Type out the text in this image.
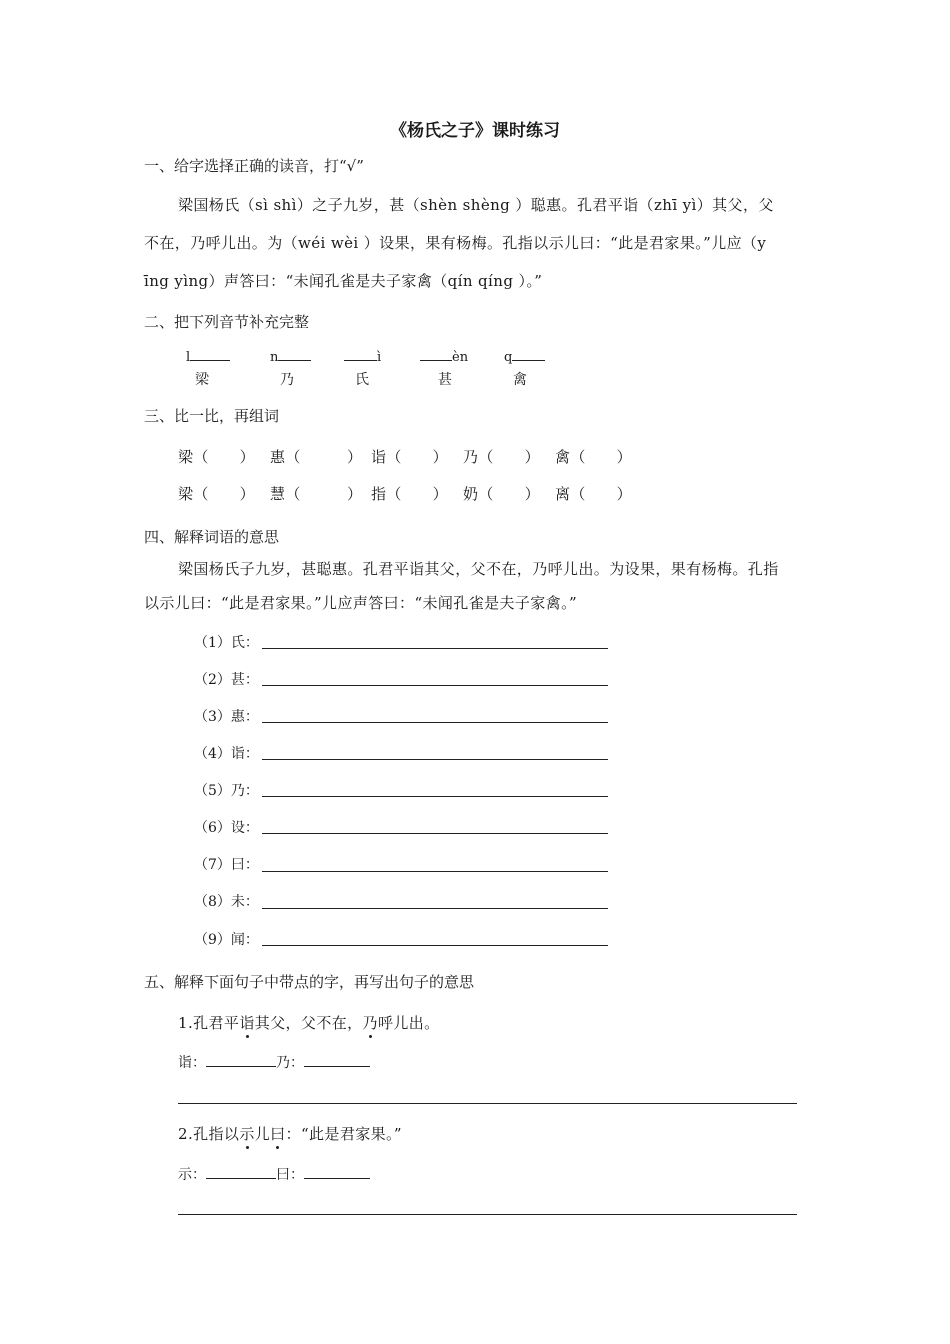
《杨氏之子》课时练习
一、给字选择正确的读音，打“√”
梁国杨氏（sì shì）之子九岁，甚（shèn shèng ）聪惠。孔君平诣（zhī yì）其父，父
不在，乃呼儿出。为（wéi wèi ）设果，果有杨梅。孔指以示儿曰：“此是君家果。”儿应（y
īng yìng）声答曰：“未闻孔雀是夫子家禽（qín qíng ）。”
二、把下列音节补充完整
l
梁
n
乃
ì
氏
èn
甚
q
禽
三、比一比，再组词
梁（　　） 惠（　　　） 诣（　　） 乃（　　） 禽（　　）
梁（　　） 慧（　　　） 指（　　） 奶（　　） 离（　　）
四、解释词语的意思
梁国杨氏子九岁，甚聪惠。孔君平诣其父，父不在，乃呼儿出。为设果，果有杨梅。孔指
以示儿曰：“此是君家果。”儿应声答曰：“未闻孔雀是夫子家禽。”
（1）氏：
（2）甚：
（3）惠：
（4）诣：
（5）乃：
（6）设：
（7）曰：
（8）未：
（9）闻：
五、解释下面句子中带点的字，再写出句子的意思
1.孔君平诣其父，父不在，乃呼儿出。
诣：	乃：
2.孔指以示儿曰：“此是君家果。”
示：	曰：
